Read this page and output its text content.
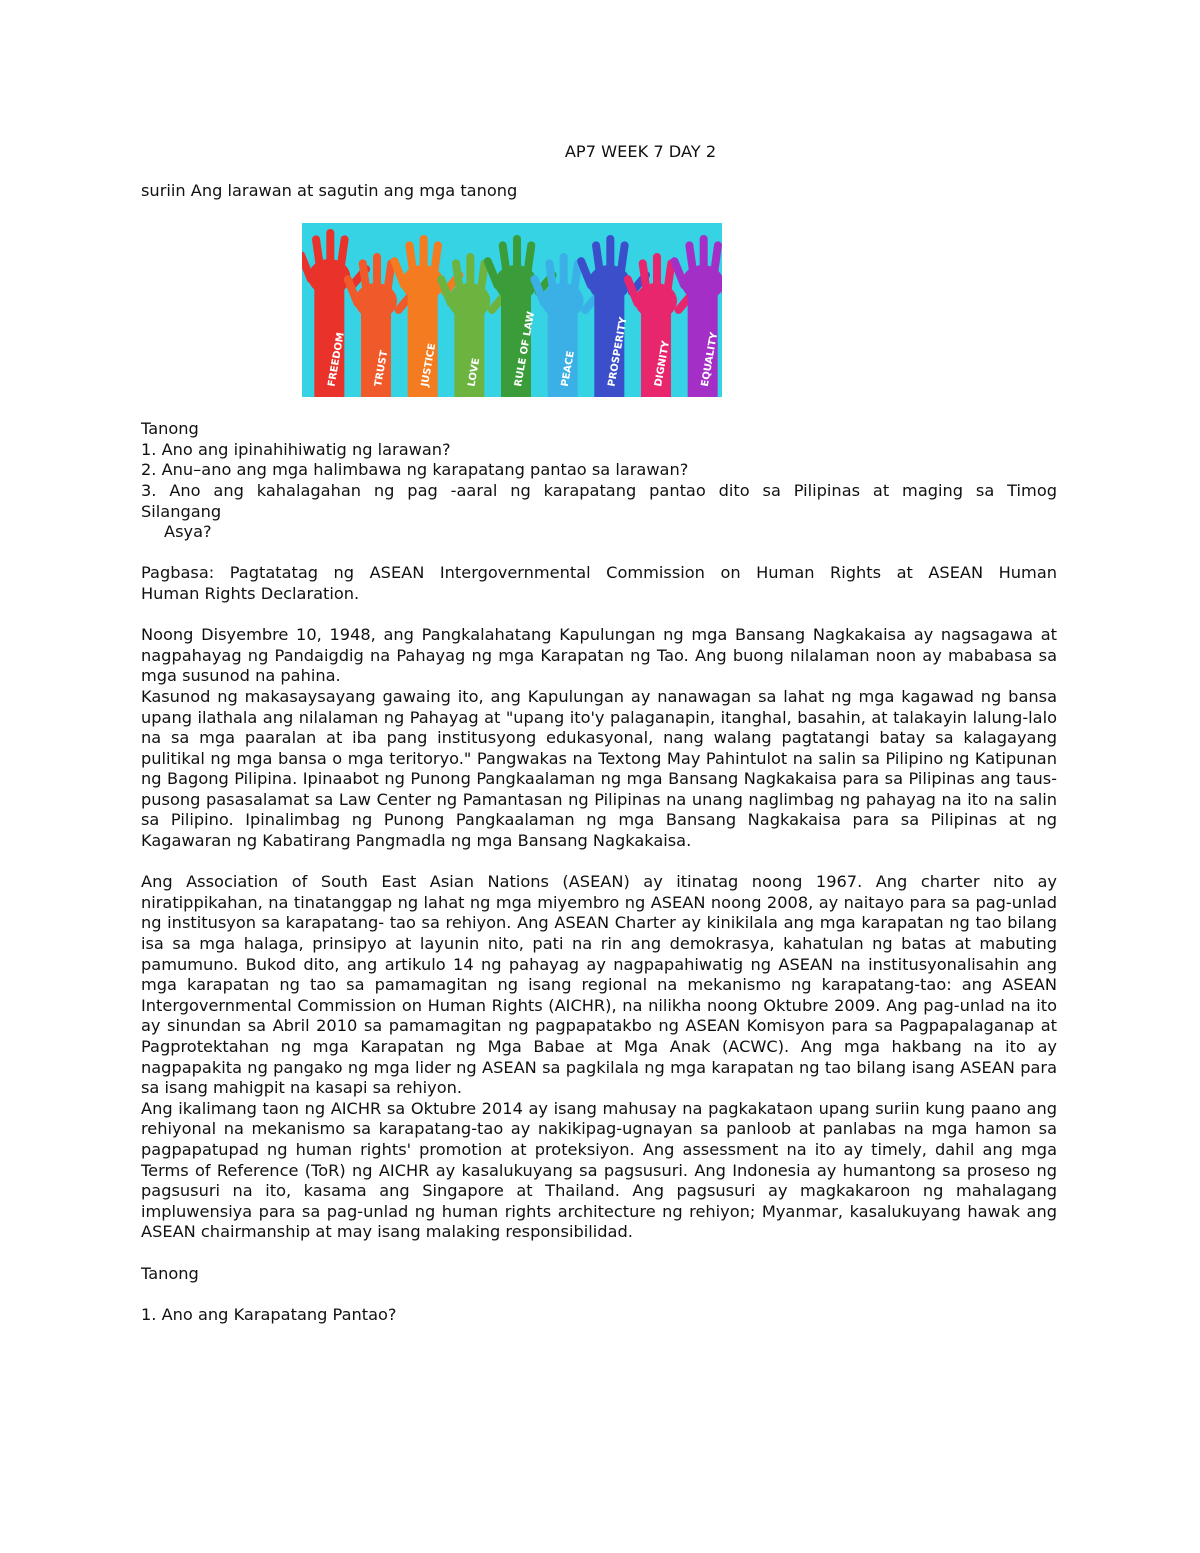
AP7 WEEK 7 DAY 2

suriin Ang larawan at sagutin ang mga tanong

FREEDOM	TRUST	JUSTICE	LOVE	RULE OF LAW PEACE	PROSPERITY DIGNITY	EQUALITY

Tanong

1. Ano ang ipinahihiwatig ng larawan?

2. Anu–ano ang mga halimbawa ng karapatang pantao sa larawan?

3. Ano ang kahalagahan ng pag -aaral ng karapatang pantao dito sa Pilipinas at maging sa Timog

Silangang

Asya?

Pagbasa: Pagtatatag ng ASEAN Intergovernmental Commission on Human Rights at ASEAN Human

Human Rights Declaration.

Noong Disyembre 10, 1948, ang Pangkalahatang Kapulungan ng mga Bansang Nagkakaisa ay nagsagawa at nagpahayag ng Pandaigdig na Pahayag ng mga Karapatan ng Tao. Ang buong nilalaman noon ay mababasa sa mga susunod na pahina.

Kasunod ng makasaysayang gawaing ito, ang Kapulungan ay nanawagan sa lahat ng mga kagawad ng bansa upang ilathala ang nilalaman ng Pahayag at "upang ito'y palaganapin, itanghal, basahin, at talakayin lalung-lalo na sa mga paaralan at iba pang institusyong edukasyonal, nang walang pagtatangi batay sa kalagayang pulitikal ng mga bansa o mga teritoryo." Pangwakas na Textong May Pahintulot na salin sa Pilipino ng Katipunan ng Bagong Pilipina. Ipinaabot ng Punong Pangkaalaman ng mga Bansang Nagkakaisa para sa Pilipinas ang taus- pusong pasasalamat sa Law Center ng Pamantasan ng Pilipinas na unang naglimbag ng pahayag na ito na salin sa Pilipino. Ipinalimbag ng Punong Pangkaalaman ng mga Bansang Nagkakaisa para sa Pilipinas at ng Kagawaran ng Kabatirang Pangmadla ng mga Bansang Nagkakaisa.

Ang Association of South East Asian Nations (ASEAN) ay itinatag noong 1967. Ang charter nito ay niratippikahan, na tinatanggap ng lahat ng mga miyembro ng ASEAN noong 2008, ay naitayo para sa pag-unlad ng institusyon sa karapatang- tao sa rehiyon. Ang ASEAN Charter ay kinikilala ang mga karapatan ng tao bilang isa sa mga halaga, prinsipyo at layunin nito, pati na rin ang demokrasya, kahatulan ng batas at mabuting pamumuno. Bukod dito, ang artikulo 14 ng pahayag ay nagpapahiwatig ng ASEAN na institusyonalisahin ang mga karapatan ng tao sa pamamagitan ng isang regional na mekanismo ng karapatang-tao: ang ASEAN Intergovernmental Commission on Human Rights (AICHR), na nilikha noong Oktubre 2009. Ang pag-unlad na ito ay sinundan sa Abril 2010 sa pamamagitan ng pagpapatakbo ng ASEAN Komisyon para sa Pagpapalaganap at Pagprotektahan ng mga Karapatan ng Mga Babae at Mga Anak (ACWC). Ang mga hakbang na ito ay nagpapakita ng pangako ng mga lider ng ASEAN sa pagkilala ng mga karapatan ng tao bilang isang ASEAN para sa isang mahigpit na kasapi sa rehiyon.

Ang ikalimang taon ng AICHR sa Oktubre 2014 ay isang mahusay na pagkakataon upang suriin kung paano ang rehiyonal na mekanismo sa karapatang-tao ay nakikipag-ugnayan sa panloob at panlabas na mga hamon sa pagpapatupad ng human rights' promotion at proteksiyon. Ang assessment na ito ay timely, dahil ang mga Terms of Reference (ToR) ng AICHR ay kasalukuyang sa pagsusuri. Ang Indonesia ay humantong sa proseso ng pagsusuri na ito, kasama ang Singapore at Thailand. Ang pagsusuri ay magkakaroon ng mahalagang impluwensiya para sa pag-unlad ng human rights architecture ng rehiyon; Myanmar, kasalukuyang hawak ang ASEAN chairmanship at may isang malaking responsibilidad.

Tanong

1. Ano ang Karapatang Pantao?
